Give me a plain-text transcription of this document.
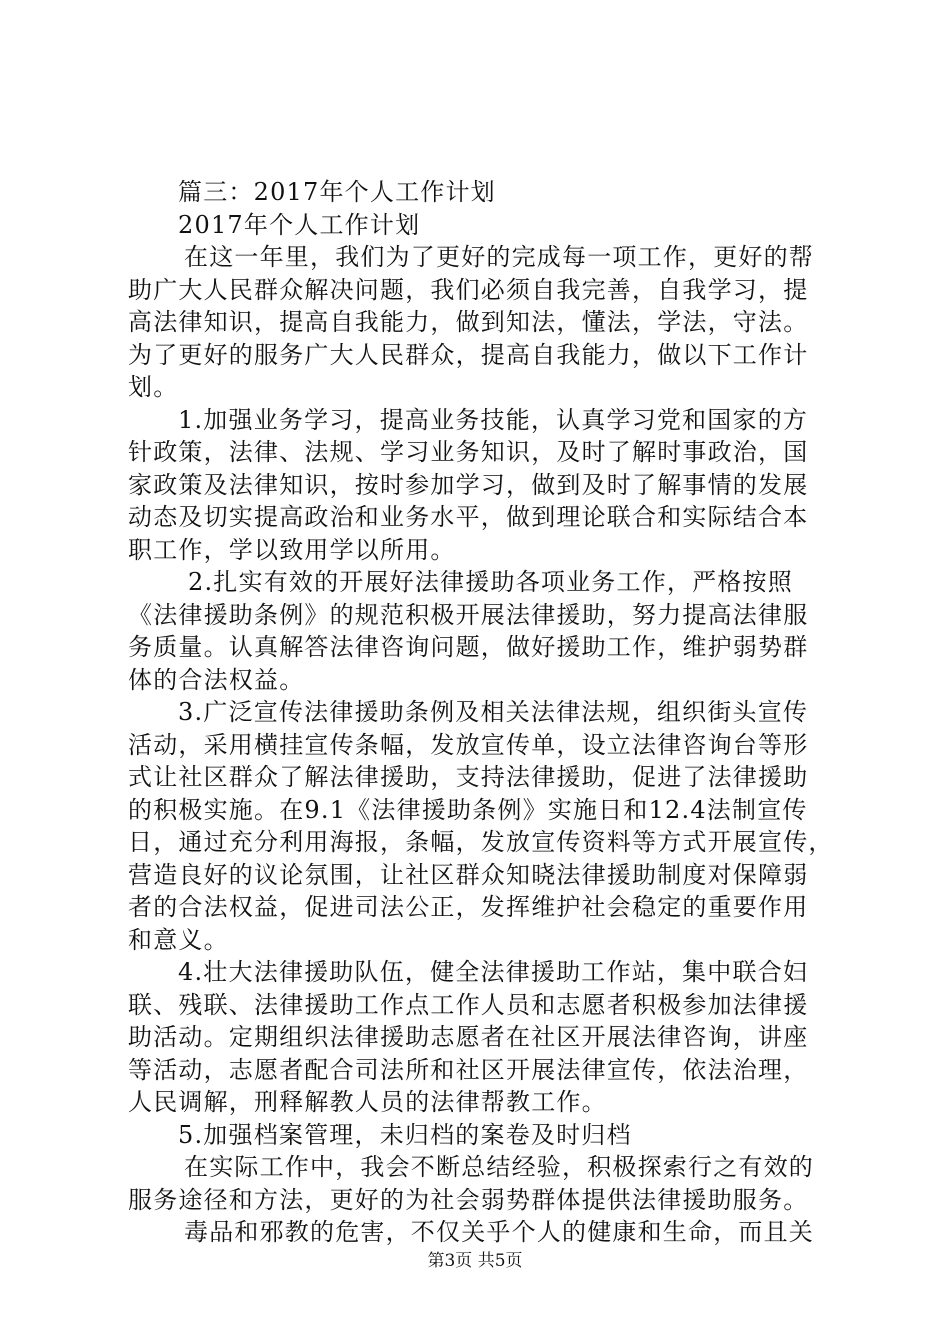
篇三：2017年个人工作计划
2017年个人工作计划
在这一年里，我们为了更好的完成每一项工作，更好的帮
助广大人民群众解决问题，我们必须自我完善，自我学习，提
高法律知识，提高自我能力，做到知法，懂法，学法，守法。
为了更好的服务广大人民群众，提高自我能力，做以下工作计
划。
1.加强业务学习，提高业务技能，认真学习党和国家的方
针政策，法律、法规、学习业务知识，及时了解时事政治，国
家政策及法律知识，按时参加学习，做到及时了解事情的发展
动态及切实提高政治和业务水平，做到理论联合和实际结合本
职工作，学以致用学以所用。
2.扎实有效的开展好法律援助各项业务工作，严格按照
《法律援助条例》的规范积极开展法律援助，努力提高法律服
务质量。认真解答法律咨询问题，做好援助工作，维护弱势群
体的合法权益。
3.广泛宣传法律援助条例及相关法律法规，组织街头宣传
活动，采用横挂宣传条幅，发放宣传单，设立法律咨询台等形
式让社区群众了解法律援助，支持法律援助，促进了法律援助
的积极实施。在9.1《法律援助条例》实施日和12.4法制宣传
日，通过充分利用海报，条幅，发放宣传资料等方式开展宣传，
营造良好的议论氛围，让社区群众知晓法律援助制度对保障弱
者的合法权益，促进司法公正，发挥维护社会稳定的重要作用
和意义。
4.壮大法律援助队伍，健全法律援助工作站，集中联合妇
联、残联、法律援助工作点工作人员和志愿者积极参加法律援
助活动。定期组织法律援助志愿者在社区开展法律咨询，讲座
等活动，志愿者配合司法所和社区开展法律宣传，依法治理，
人民调解，刑释解教人员的法律帮教工作。
5.加强档案管理，未归档的案卷及时归档
在实际工作中，我会不断总结经验，积极探索行之有效的
服务途径和方法，更好的为社会弱势群体提供法律援助服务。
毒品和邪教的危害，不仅关乎个人的健康和生命，而且关
第3页 共5页
